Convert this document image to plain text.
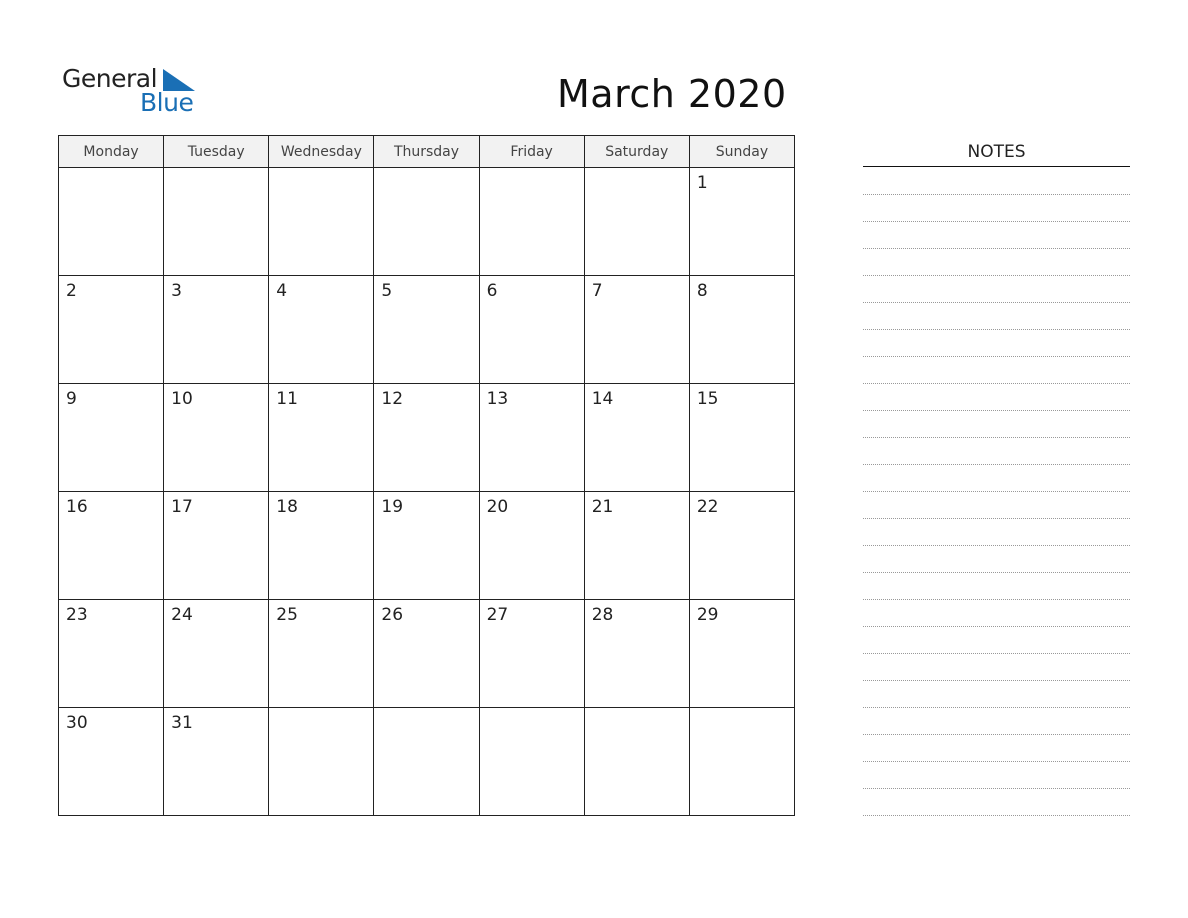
General
Blue	March 2020
Monday	Tuesday	Wednesday	Thursday	Friday	Saturday	Sunday

						1

2	3	4	5	6	7	8

9	10	11	12	13	14	15

16	17	18	19	20	21	22

23	24	25	26	27	28	29

30	31					

NOTES
